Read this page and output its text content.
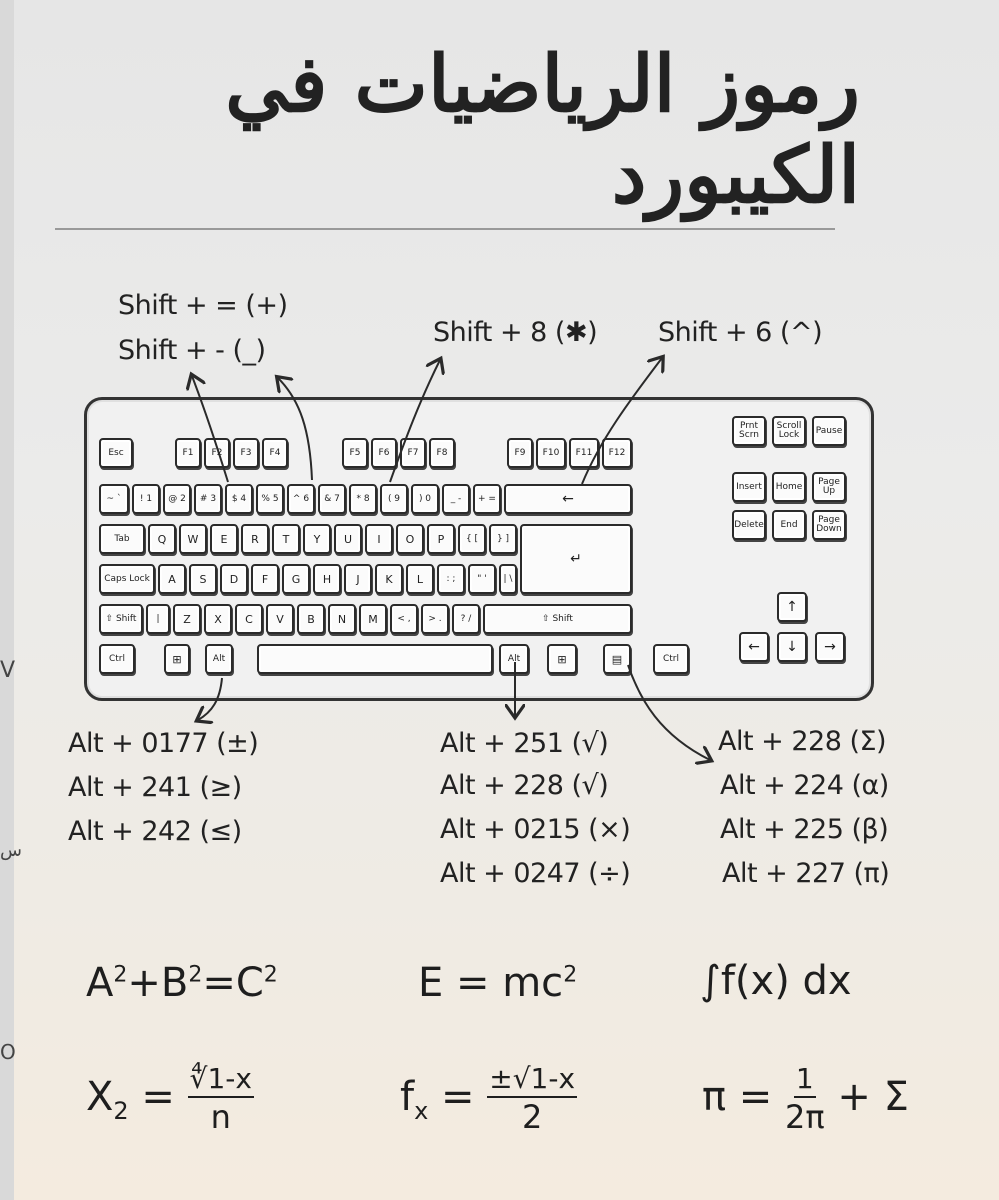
V
س
O
رموز الرياضيات في الكيبورد
Shift + = (+)
Shift + - (_)
Shift + 8 (✱) Shift + 6 (^)
Esc	F1	F2	F3	F4	F5	F6	F7	F8	F9	F10	F11	F12
~ `	! 1	@ 2	# 3	$ 4	% 5	^ 6	& 7	* 8	( 9	) 0	_ -	+ =	←
Tab	Q	W	E	R	T	Y	U	I	O	P	{ [	} ]
↵
Caps Lock	A	S	D	F	G	H	J	K	L	: ;	" '	| \
⇧ Shift	|	Z	X	C	V	B	N	M	< ,	> .	? /	⇧ Shift
Ctrl	⊞	Alt	Alt	⊞	▤	Ctrl
Prnt Scrn
Scroll Lock	Pause
Insert	Home	Page Up
Delete	End	Page Down
↑
←	↓	→
Alt + 0177 (±)
Alt + 241 (≥)
Alt + 242 (≤)
Alt + 251 (√)
Alt + 228 (√)
Alt + 0215 (×)
Alt + 0247 (÷)
Alt + 228 (Σ)
Alt + 224 (α)
Alt + 225 (β)
Alt + 227 (π)
$A^2+B^2=C^2$	$E = mc^2$	∫f(x) dx
$X_2 = \frac{∜1-x}{n}$	$f_x = \frac{\pm√1-x}{2}$	$\pi = \frac{1}{2\pi} + \Sigma$
